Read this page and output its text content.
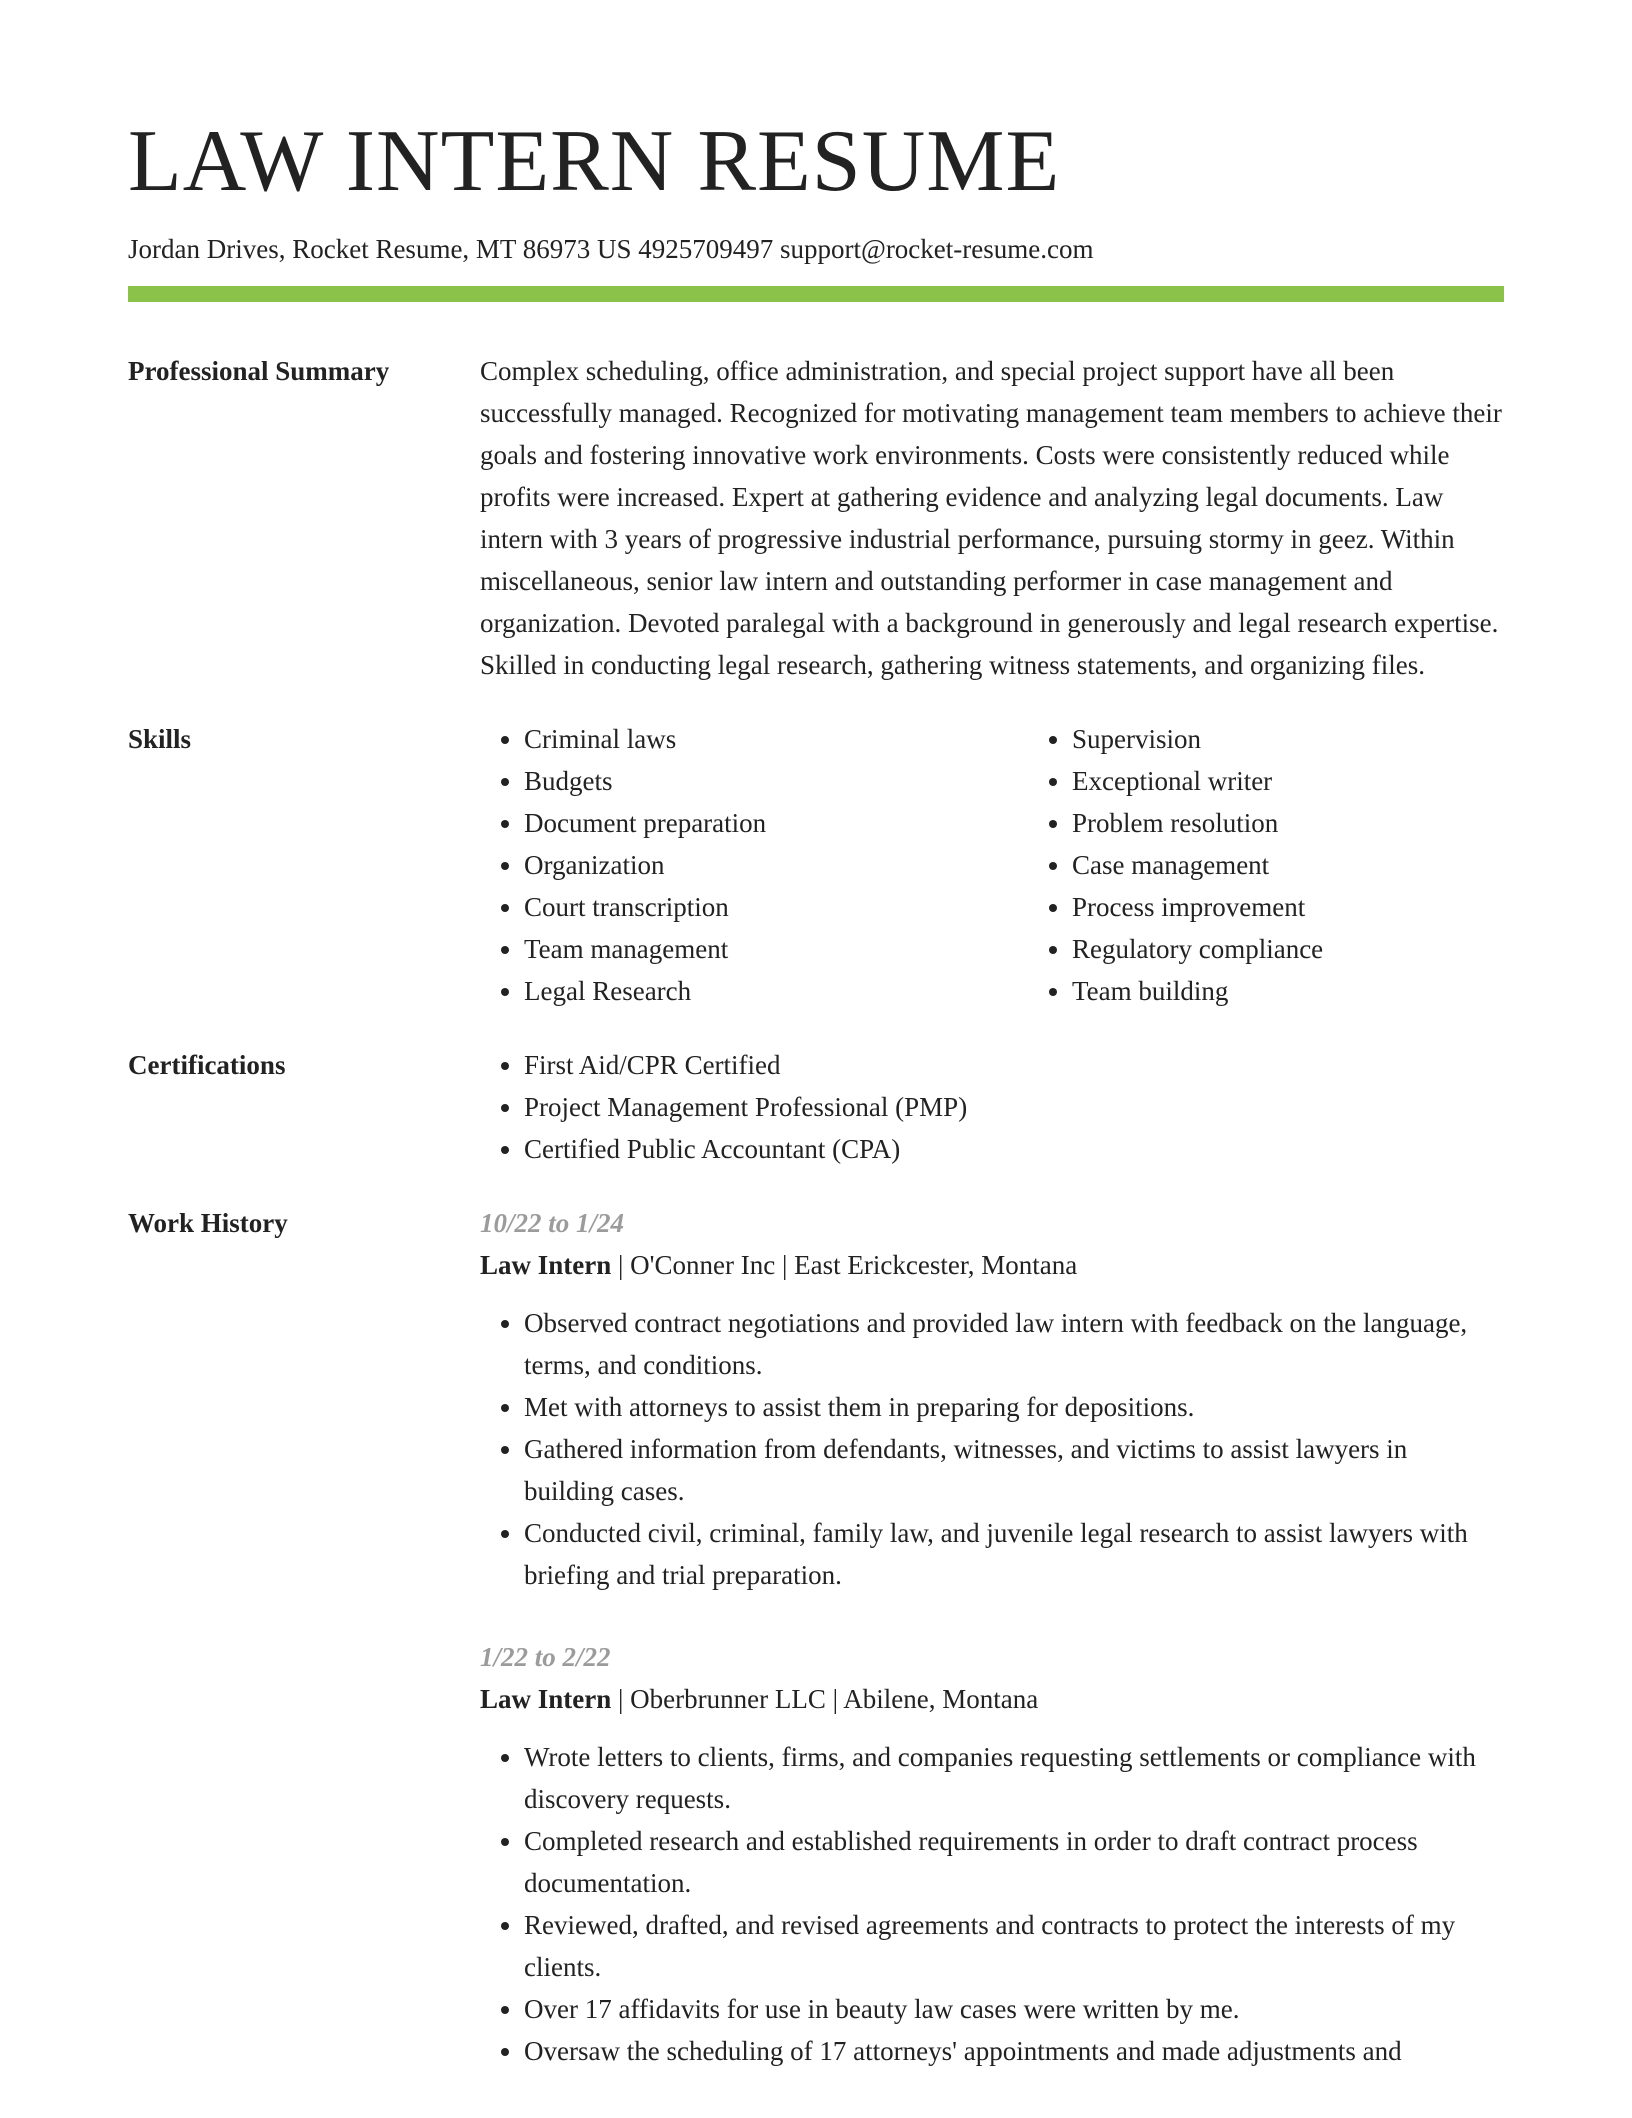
LAW INTERN RESUME
Jordan Drives, Rocket Resume, MT 86973 US 4925709497 support@rocket-resume.com
Professional Summary	Complex scheduling, office administration, and special project support have all been successfully managed. Recognized for motivating management team members to achieve their goals and fostering innovative work environments. Costs were consistently reduced while profits were increased. Expert at gathering evidence and analyzing legal documents. Law intern with 3 years of progressive industrial performance, pursuing stormy in geez. Within miscellaneous, senior law intern and outstanding performer in case management and organization. Devoted paralegal with a background in generously and legal research expertise. Skilled in conducting legal research, gathering witness statements, and organizing files.

Skills	• Criminal laws
• Budgets
• Document preparation
• Organization
• Court transcription
• Team management
• Legal Research
• Supervision
• Exceptional writer
• Problem resolution
• Case management
• Process improvement
• Regulatory compliance
• Team building
Certifications	• First Aid/CPR Certified
• Project Management Professional (PMP)
• Certified Public Accountant (CPA)
Work History	10/22 to 1/24
Law Intern | O'Conner Inc | East Erickcester, Montana
• Observed contract negotiations and provided law intern with feedback on the language, terms, and conditions.
• Met with attorneys to assist them in preparing for depositions.
• Gathered information from defendants, witnesses, and victims to assist lawyers in building cases.
• Conducted civil, criminal, family law, and juvenile legal research to assist lawyers with briefing and trial preparation.
1/22 to 2/22
Law Intern | Oberbrunner LLC | Abilene, Montana
• Wrote letters to clients, firms, and companies requesting settlements or compliance with discovery requests.
• Completed research and established requirements in order to draft contract process documentation.
• Reviewed, drafted, and revised agreements and contracts to protect the interests of my clients.
• Over 17 affidavits for use in beauty law cases were written by me.
• Oversaw the scheduling of 17 attorneys' appointments and made adjustments and
